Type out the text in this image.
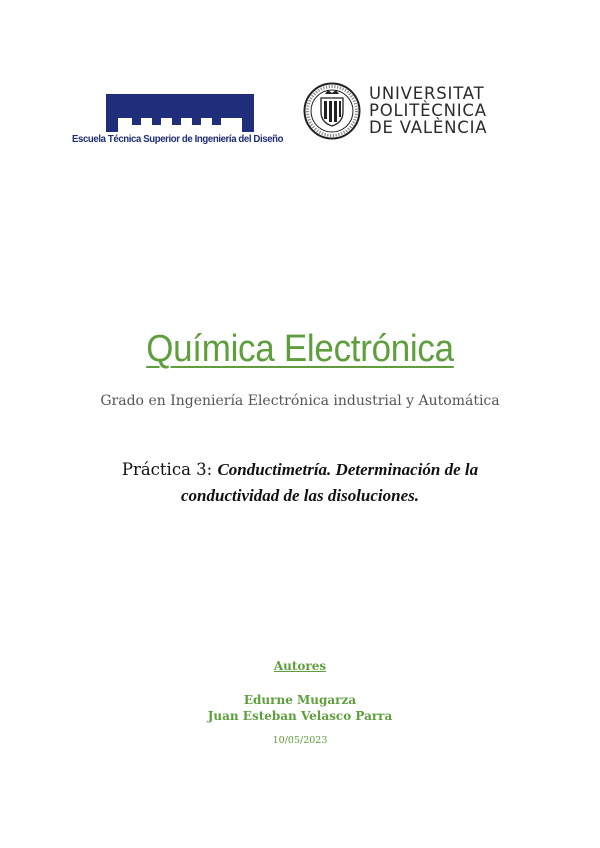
Escuela Técnica Superior de Ingeniería del Diseño
UNIVERSITAT
POLITÈCNICA
DE VALÈNCIA
Química Electrónica
Grado en Ingeniería Electrónica industrial y Automática
Práctica 3: Conductimetría. Determinación de la conductividad de las disoluciones.
Autores
Edurne Mugarza
Juan Esteban Velasco Parra
10/05/2023
